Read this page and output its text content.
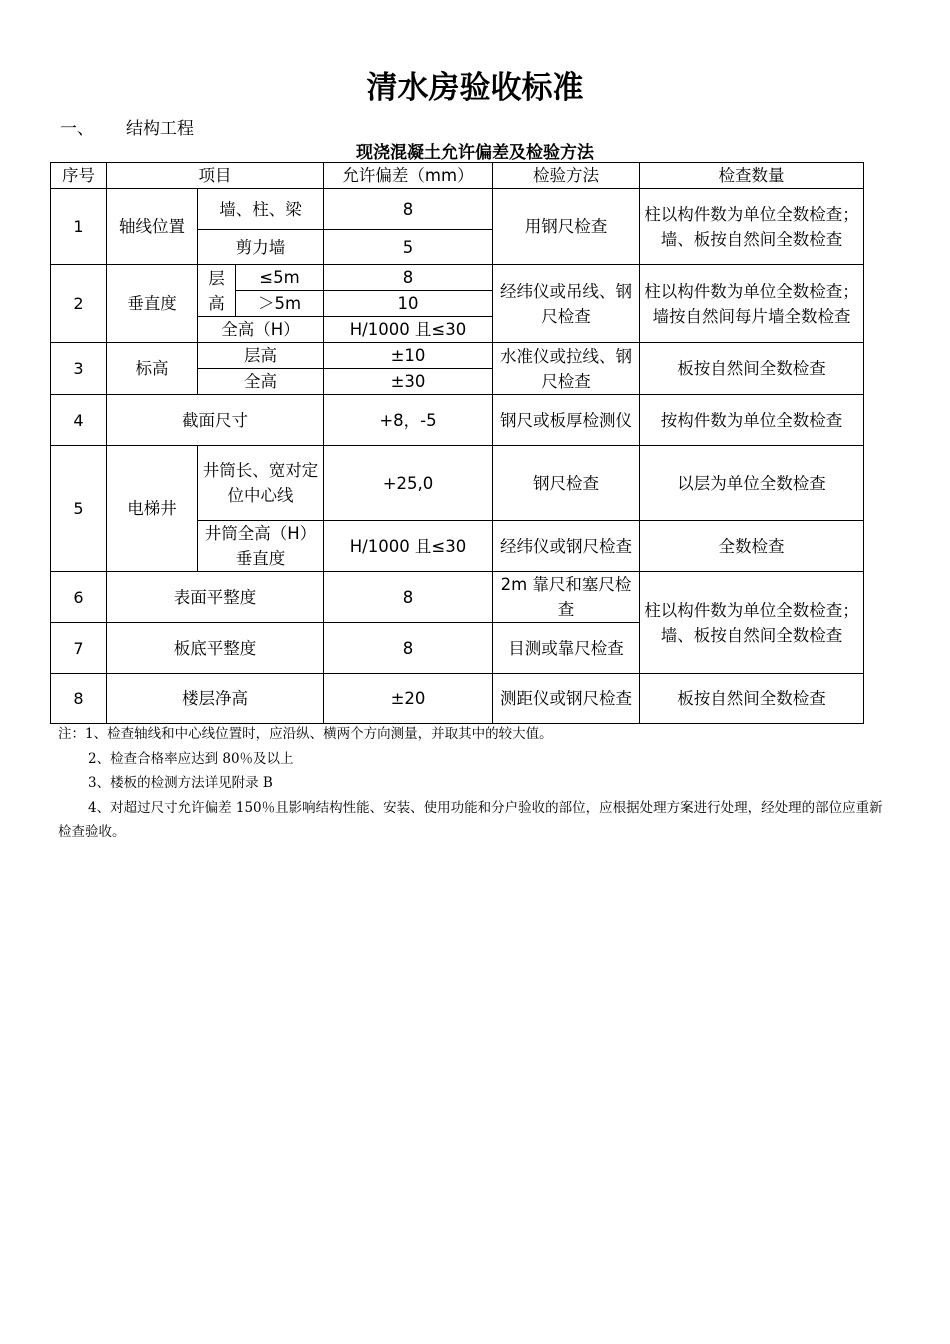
清水房验收标准
一、 结构工程
现浇混凝土允许偏差及检验方法
序号	项目			允许偏差（mm）	检验方法	检查数量
1	轴线位置	墙、柱、梁		8	用钢尺检查	柱以构件数为单位全数检查；墙、板按自然间全数检查
		剪力墙		5		
2	垂直度	层高	≤5m	8	经纬仪或吊线、钢尺检查	柱以构件数为单位全数检查；墙按自然间每片墙全数检查
			＞5m	10		
		全高（H）		H/1000 且≤30		
3	标高	层高		±10	水准仪或拉线、钢尺检查	板按自然间全数检查
		全高		±30		
4	截面尺寸			+8，-5	钢尺或板厚检测仪	按构件数为单位全数检查
5	电梯井	井筒长、宽对定位中心线		+25,0	钢尺检查	以层为单位全数检查
		井筒全高（H）垂直度		H/1000 且≤30	经纬仪或钢尺检查	全数检查
6	表面平整度			8	2m 靠尺和塞尺检查	柱以构件数为单位全数检查；墙、板按自然间全数检查
7	板底平整度			8	目测或靠尺检查	
8	楼层净高			±20	测距仪或钢尺检查	板按自然间全数检查

注：1、检查轴线和中心线位置时，应沿纵、横两个方向测量，并取其中的较大值。

2、检查合格率应达到 80％及以上

3、楼板的检测方法详见附录 B

4、对超过尺寸允许偏差 150％且影响结构性能、安装、使用功能和分户验收的部位，应根据处理方案进行处理，经处理的部位应重新检查验收。
